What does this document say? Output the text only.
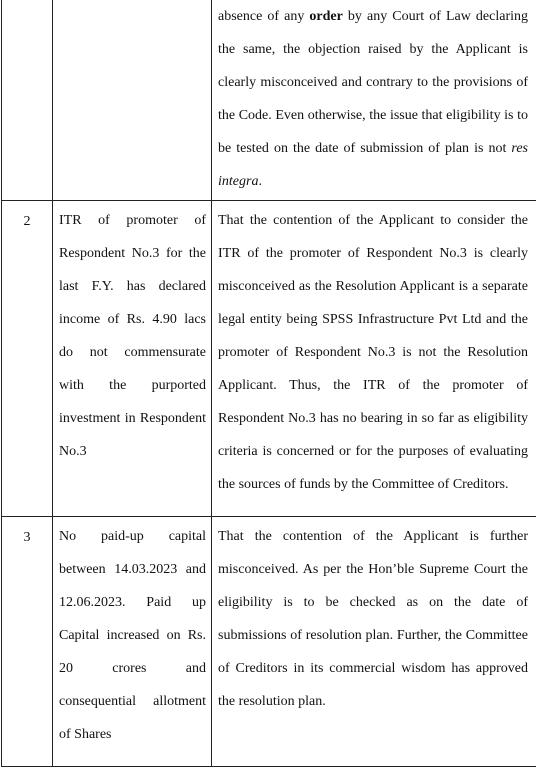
		absence of any order by any Court of Law declaring the same, the objection raised by the Applicant is clearly misconceived and contrary to the provisions of the Code. Even otherwise, the issue that eligibility is to be tested on the date of submission of plan is not res integra.

2	ITR of promoter of Respondent No.3 for the last F.Y. has declared income of Rs. 4.90 lacs do not commensurate with the purported investment in Respondent No.3	That the contention of the Applicant to consider the ITR of the promoter of Respondent No.3 is clearly misconceived as the Resolution Applicant is a separate legal entity being SPSS Infrastructure Pvt Ltd and the promoter of Respondent No.3 is not the Resolution Applicant. Thus, the ITR of the promoter of Respondent No.3 has no bearing in so far as eligibility criteria is concerned or for the purposes of evaluating the sources of funds by the Committee of Creditors.

3	No paid-up capital between 14.03.2023 and 12.06.2023. Paid up Capital increased on Rs. 20 crores and consequential allotment of Shares	That the contention of the Applicant is further misconceived. As per the Hon’ble Supreme Court the eligibility is to be checked as on the date of submissions of resolution plan. Further, the Committee of Creditors in its commercial wisdom has approved the resolution plan.
